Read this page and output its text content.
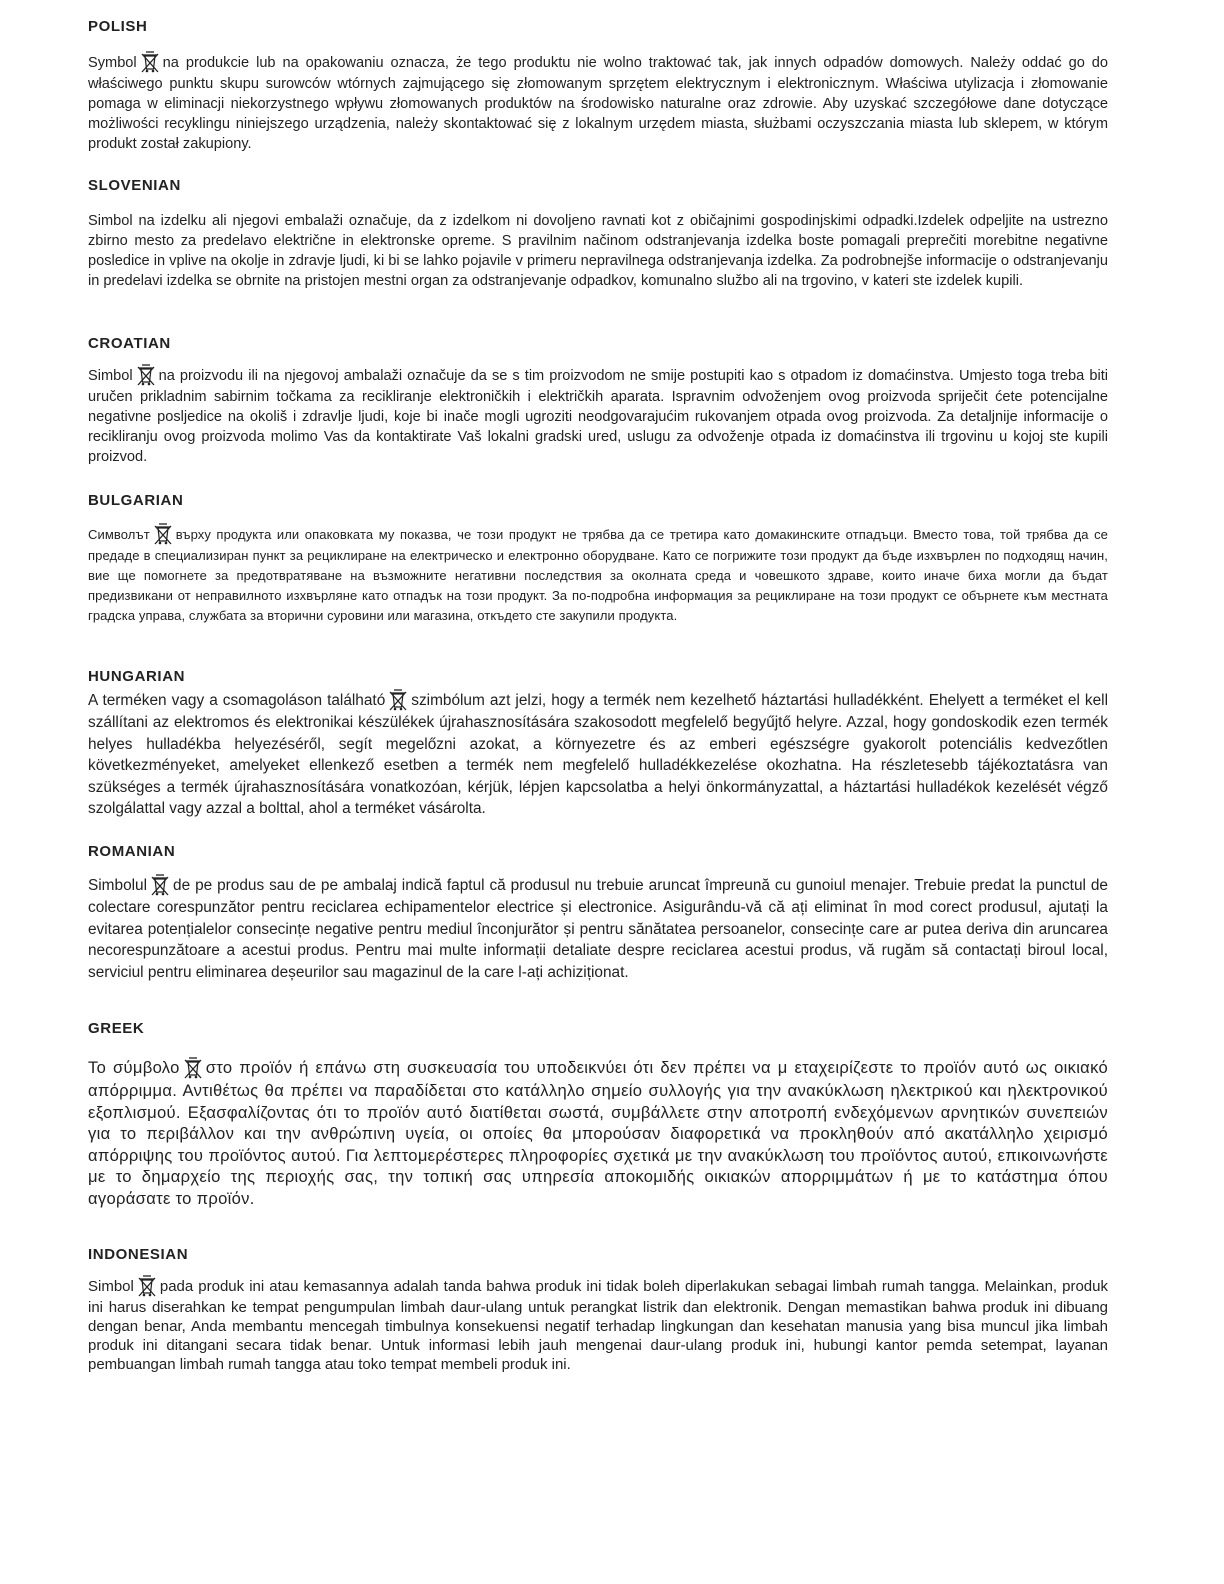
POLISH

Symbol na produkcie lub na opakowaniu oznacza, że tego produktu nie wolno traktować tak, jak innych odpadów domowych. Należy oddać go do właściwego punktu skupu surowców wtórnych zajmującego się złomowanym sprzętem elektrycznym i elektronicznym. Właściwa utylizacja i złomowanie pomaga w eliminacji niekorzystnego wpływu złomowanych produktów na środowisko naturalne oraz zdrowie. Aby uzyskać szczegółowe dane dotyczące możliwości recyklingu niniejszego urządzenia, należy skontaktować się z lokalnym urzędem miasta, służbami oczyszczania miasta lub sklepem, w którym produkt został zakupiony.

SLOVENIAN

Simbol na izdelku ali njegovi embalaži označuje, da z izdelkom ni dovoljeno ravnati kot z običajnimi gospodinjskimi odpadki.Izdelek odpeljite na ustrezno zbirno mesto za predelavo električne in elektronske opreme. S pravilnim načinom odstranjevanja izdelka boste pomagali preprečiti morebitne negativne posledice in vplive na okolje in zdravje ljudi, ki bi se lahko pojavile v primeru nepravilnega odstranjevanja izdelka. Za podrobnejše informacije o odstranjevanju in predelavi izdelka se obrnite na pristojen mestni organ za odstranjevanje odpadkov, komunalno službo ali na trgovino, v kateri ste izdelek kupili.

CROATIAN

Simbol na proizvodu ili na njegovoj ambalaži označuje da se s tim proizvodom ne smije postupiti kao s otpadom iz domaćinstva. Umjesto toga treba biti uručen prikladnim sabirnim točkama za recikliranje elektroničkih i električkih aparata. Ispravnim odvoženjem ovog proizvoda spriječit ćete potencijalne negativne posljedice na okoliš i zdravlje ljudi, koje bi inače mogli ugroziti neodgovarajućim rukovanjem otpada ovog proizvoda. Za detaljnije informacije o recikliranju ovog proizvoda molimo Vas da kontaktirate Vaš lokalni gradski ured, uslugu za odvoženje otpada iz domaćinstva ili trgovinu u kojoj ste kupili proizvod.

BULGARIAN

Символът върху продукта или опаковката му показва, че този продукт не трябва да се третира като домакинските отпадъци. Вместо това, той трябва да се предаде в специализиран пункт за рециклиране на електрическо и електронно оборудване. Като се погрижите този продукт да бъде изхвърлен по подходящ начин, вие ще помогнете за предотвратяване на възможните негативни последствия за околната среда и човешкото здраве, които иначе биха могли да бъдат предизвикани от неправилното изхвърляне като отпадък на този продукт. За по-подробна информация за рециклиране на този продукт се обърнете към местната градска управа, службата за вторични суровини или магазина, откъдето сте закупили продукта.

HUNGARIAN

A terméken vagy a csomagoláson található szimbólum azt jelzi, hogy a termék nem kezelhető háztartási hulladékként. Ehelyett a terméket el kell szállítani az elektromos és elektronikai készülékek újrahasznosítására szakosodott megfelelő begyűjtő helyre. Azzal, hogy gondoskodik ezen termék helyes hulladékba helyezéséről, segít megelőzni azokat, a környezetre és az emberi egészségre gyakorolt potenciális kedvezőtlen következményeket, amelyeket ellenkező esetben a termék nem megfelelő hulladékkezelése okozhatna. Ha részletesebb tájékoztatásra van szükséges a termék újrahasznosítására vonatkozóan, kérjük, lépjen kapcsolatba a helyi önkormányzattal, a háztartási hulladékok kezelését végző szolgálattal vagy azzal a bolttal, ahol a terméket vásárolta.

ROMANIAN

Simbolul de pe produs sau de pe ambalaj indică faptul că produsul nu trebuie aruncat împreună cu gunoiul menajer. Trebuie predat la punctul de colectare corespunzător pentru reciclarea echipamentelor electrice și electronice. Asigurându-vă că ați eliminat în mod corect produsul, ajutați la evitarea potențialelor consecințe negative pentru mediul înconjurător și pentru sănătatea persoanelor, consecințe care ar putea deriva din aruncarea necorespunzătoare a acestui produs. Pentru mai multe informații detaliate despre reciclarea acestui produs, vă rugăm să contactați biroul local, serviciul pentru eliminarea deșeurilor sau magazinul de la care l-ați achiziționat.

GREEK

Το σύμβολο στο προϊόν ή επάνω στη συσκευασία του υποδεικνύει ότι δεν πρέπει να μ εταχειρίζεστε το προϊόν αυτό ως οικιακό απόρριμμα. Αντιθέτως θα πρέπει να παραδίδεται στο κατάλληλο σημείο συλλογής για την ανακύκλωση ηλεκτρικού και ηλεκτρονικού εξοπλισμού. Εξασφαλίζοντας ότι το προϊόν αυτό διατίθεται σωστά, συμβάλλετε στην αποτροπή ενδεχόμενων αρνητικών συνεπειών για το περιβάλλον και την ανθρώπινη υγεία, οι οποίες θα μπορούσαν διαφορετικά να προκληθούν από ακατάλληλο χειρισμό απόρριψης του προϊόντος αυτού. Για λεπτομερέστερες πληροφορίες σχετικά με την ανακύκλωση του προϊόντος αυτού, επικοινωνήστε με το δημαρχείο της περιοχής σας, την τοπική σας υπηρεσία αποκομιδής οικιακών απορριμμάτων ή με το κατάστημα όπου αγοράσατε το προϊόν.

INDONESIAN

Simbol pada produk ini atau kemasannya adalah tanda bahwa produk ini tidak boleh diperlakukan sebagai limbah rumah tangga. Melainkan, produk ini harus diserahkan ke tempat pengumpulan limbah daur-ulang untuk perangkat listrik dan elektronik. Dengan memastikan bahwa produk ini dibuang dengan benar, Anda membantu mencegah timbulnya konsekuensi negatif terhadap lingkungan dan kesehatan manusia yang bisa muncul jika limbah produk ini ditangani secara tidak benar. Untuk informasi lebih jauh mengenai daur-ulang produk ini, hubungi kantor pemda setempat, layanan pembuangan limbah rumah tangga atau toko tempat membeli produk ini.
